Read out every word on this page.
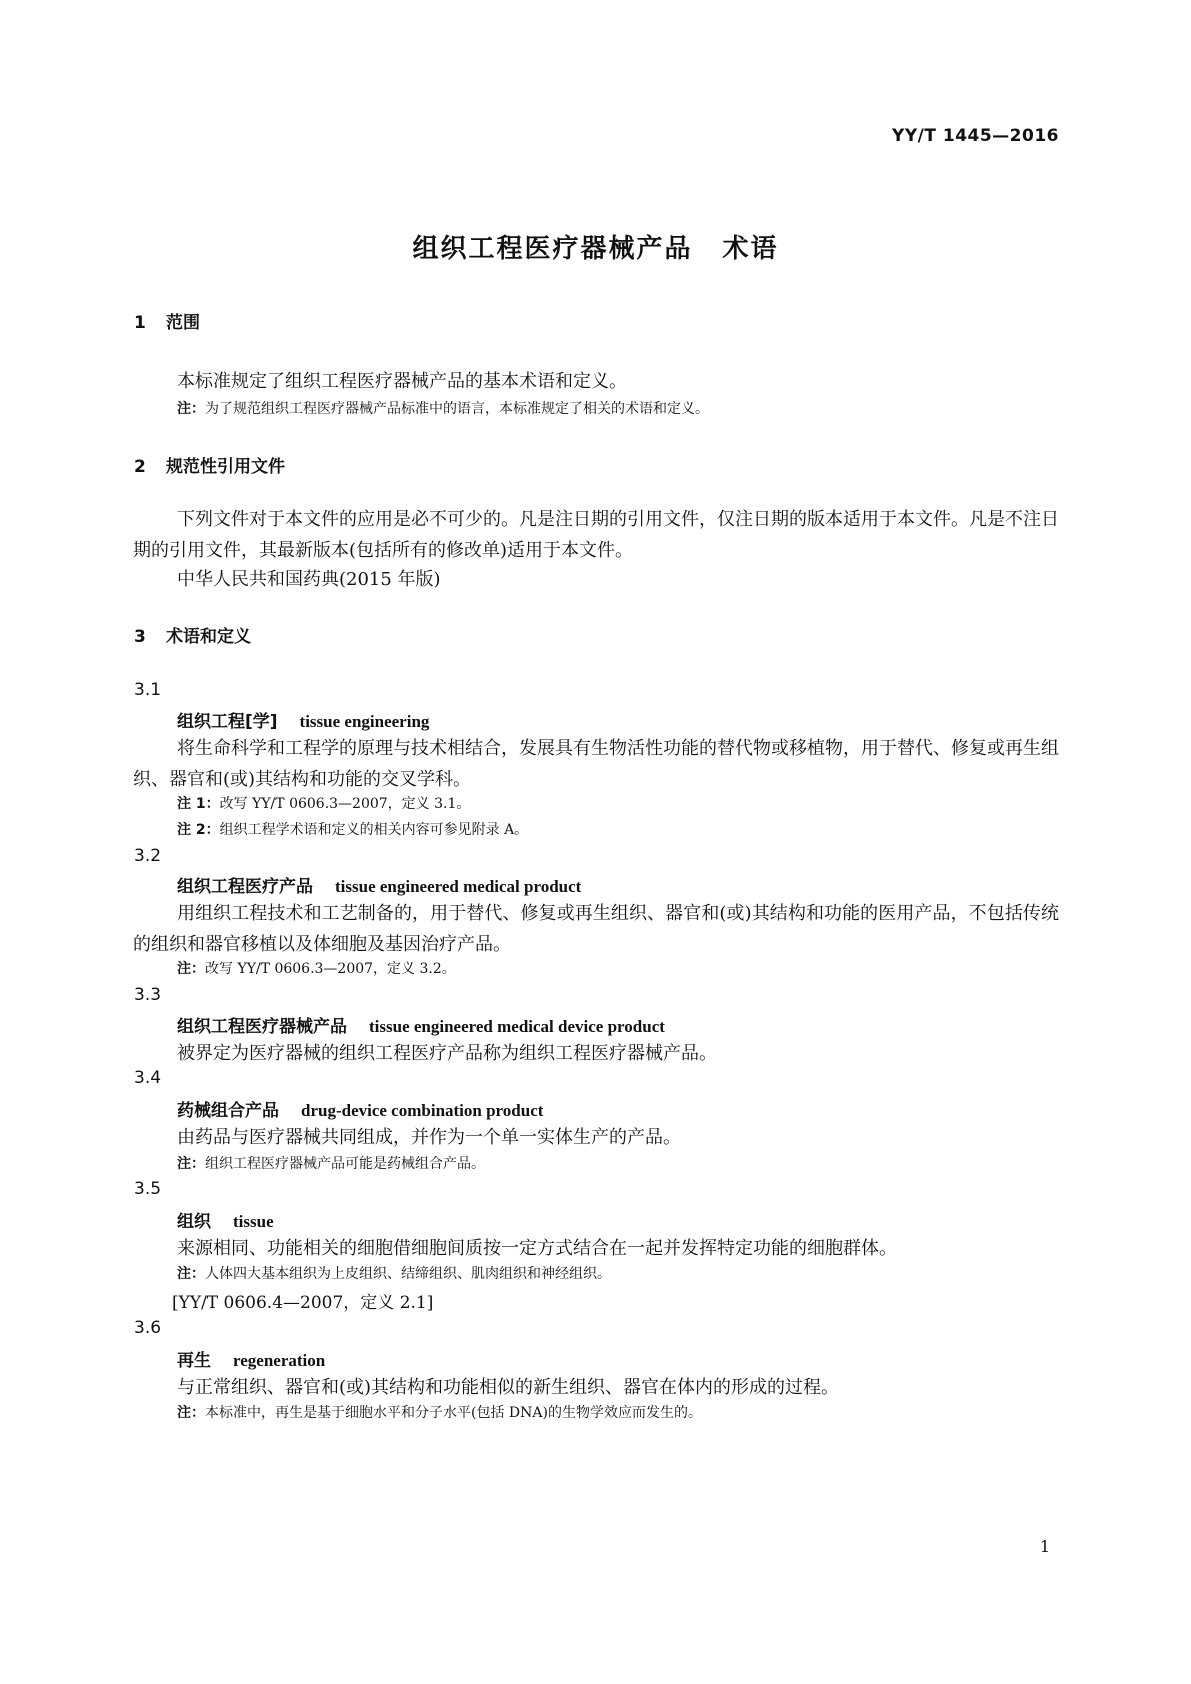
YY/T 1445—2016
组织工程医疗器械产品 术语
1 范围
本标准规定了组织工程医疗器械产品的基本术语和定义。
注：为了规范组织工程医疗器械产品标准中的语言，本标准规定了相关的术语和定义。
2 规范性引用文件
下列文件对于本文件的应用是必不可少的。凡是注日期的引用文件，仅注日期的版本适用于本文件。凡是不注日期的引用文件，其最新版本(包括所有的修改单)适用于本文件。
中华人民共和国药典(2015 年版)
3 术语和定义
3.1
组织工程[学] tissue engineering
将生命科学和工程学的原理与技术相结合，发展具有生物活性功能的替代物或移植物，用于替代、修复或再生组织、器官和(或)其结构和功能的交叉学科。
注 1：改写 YY/T 0606.3—2007，定义 3.1。
注 2：组织工程学术语和定义的相关内容可参见附录 A。
3.2
组织工程医疗产品 tissue engineered medical product
用组织工程技术和工艺制备的，用于替代、修复或再生组织、器官和(或)其结构和功能的医用产品，不包括传统的组织和器官移植以及体细胞及基因治疗产品。
注：改写 YY/T 0606.3—2007，定义 3.2。
3.3
组织工程医疗器械产品 tissue engineered medical device product
被界定为医疗器械的组织工程医疗产品称为组织工程医疗器械产品。
3.4
药械组合产品 drug-device combination product
由药品与医疗器械共同组成，并作为一个单一实体生产的产品。
注：组织工程医疗器械产品可能是药械组合产品。
3.5
组织 tissue
来源相同、功能相关的细胞借细胞间质按一定方式结合在一起并发挥特定功能的细胞群体。
注：人体四大基本组织为上皮组织、结缔组织、肌肉组织和神经组织。
[YY/T 0606.4—2007，定义 2.1]
3.6
再生 regeneration
与正常组织、器官和(或)其结构和功能相似的新生组织、器官在体内的形成的过程。
注：本标准中，再生是基于细胞水平和分子水平(包括 DNA)的生物学效应而发生的。
1
